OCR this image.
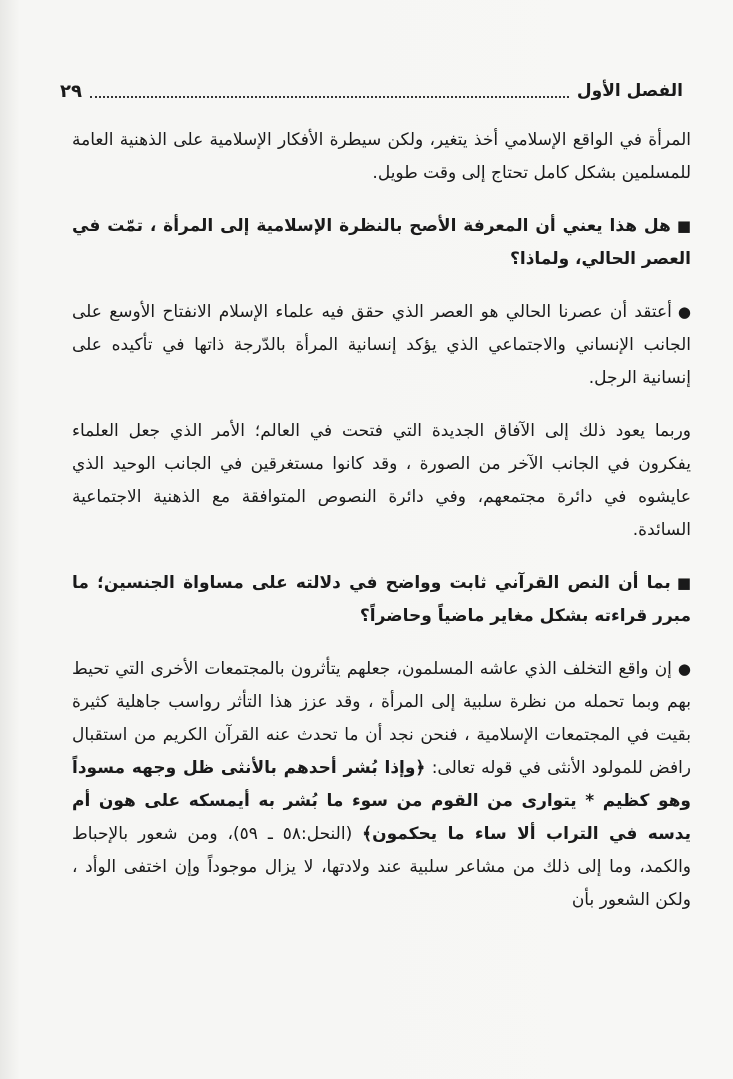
الفصل الأول
٢٩

المرأة في الواقع الإسلامي أخذ يتغير، ولكن سيطرة الأفكار الإسلامية على الذهنية العامة للمسلمين بشكل كامل تحتاج إلى وقت طويل.

■هل هذا يعني أن المعرفة الأصح بالنظرة الإسلامية إلى المرأة ، تمّت في العصر الحالي، ولماذا؟

●أعتقد أن عصرنا الحالي هو العصر الذي حقق فيه علماء الإسلام الانفتاح الأوسع على الجانب الإنساني والاجتماعي الذي يؤكد إنسانية المرأة بالدّرجة ذاتها في تأكيده على إنسانية الرجل.

وربما يعود ذلك إلى الآفاق الجديدة التي فتحت في العالم؛ الأمر الذي جعل العلماء يفكرون في الجانب الآخر من الصورة ، وقد كانوا مستغرقين في الجانب الوحيد الذي عايشوه في دائرة مجتمعهم، وفي دائرة النصوص المتوافقة مع الذهنية الاجتماعية السائدة.

■بما أن النص القرآني ثابت وواضح في دلالته على مساواة الجنسين؛ ما مبرر قراءته بشكل مغاير ماضياً وحاضراً؟

●إن واقع التخلف الذي عاشه المسلمون، جعلهم يتأثرون بالمجتمعات الأخرى التي تحيط بهم وبما تحمله من نظرة سلبية إلى المرأة ، وقد عزز هذا التأثر رواسب جاهلية كثيرة بقيت في المجتمعات الإسلامية ، فنحن نجد أن ما تحدث عنه القرآن الكريم من استقبال رافض للمولود الأنثى في قوله تعالى: ﴿وإذا بُشر أحدهم بالأنثى ظل وجهه مسوداً وهو كظيم * يتوارى من القوم من سوء ما بُشر به أيمسكه على هون أم يدسه في التراب ألا ساء ما يحكمون﴾ (النحل:٥٨ ـ ٥٩)، ومن شعور بالإحباط والكمد، وما إلى ذلك من مشاعر سلبية عند ولادتها، لا يزال موجوداً وإن اختفى الوأد ، ولكن الشعور بأن
